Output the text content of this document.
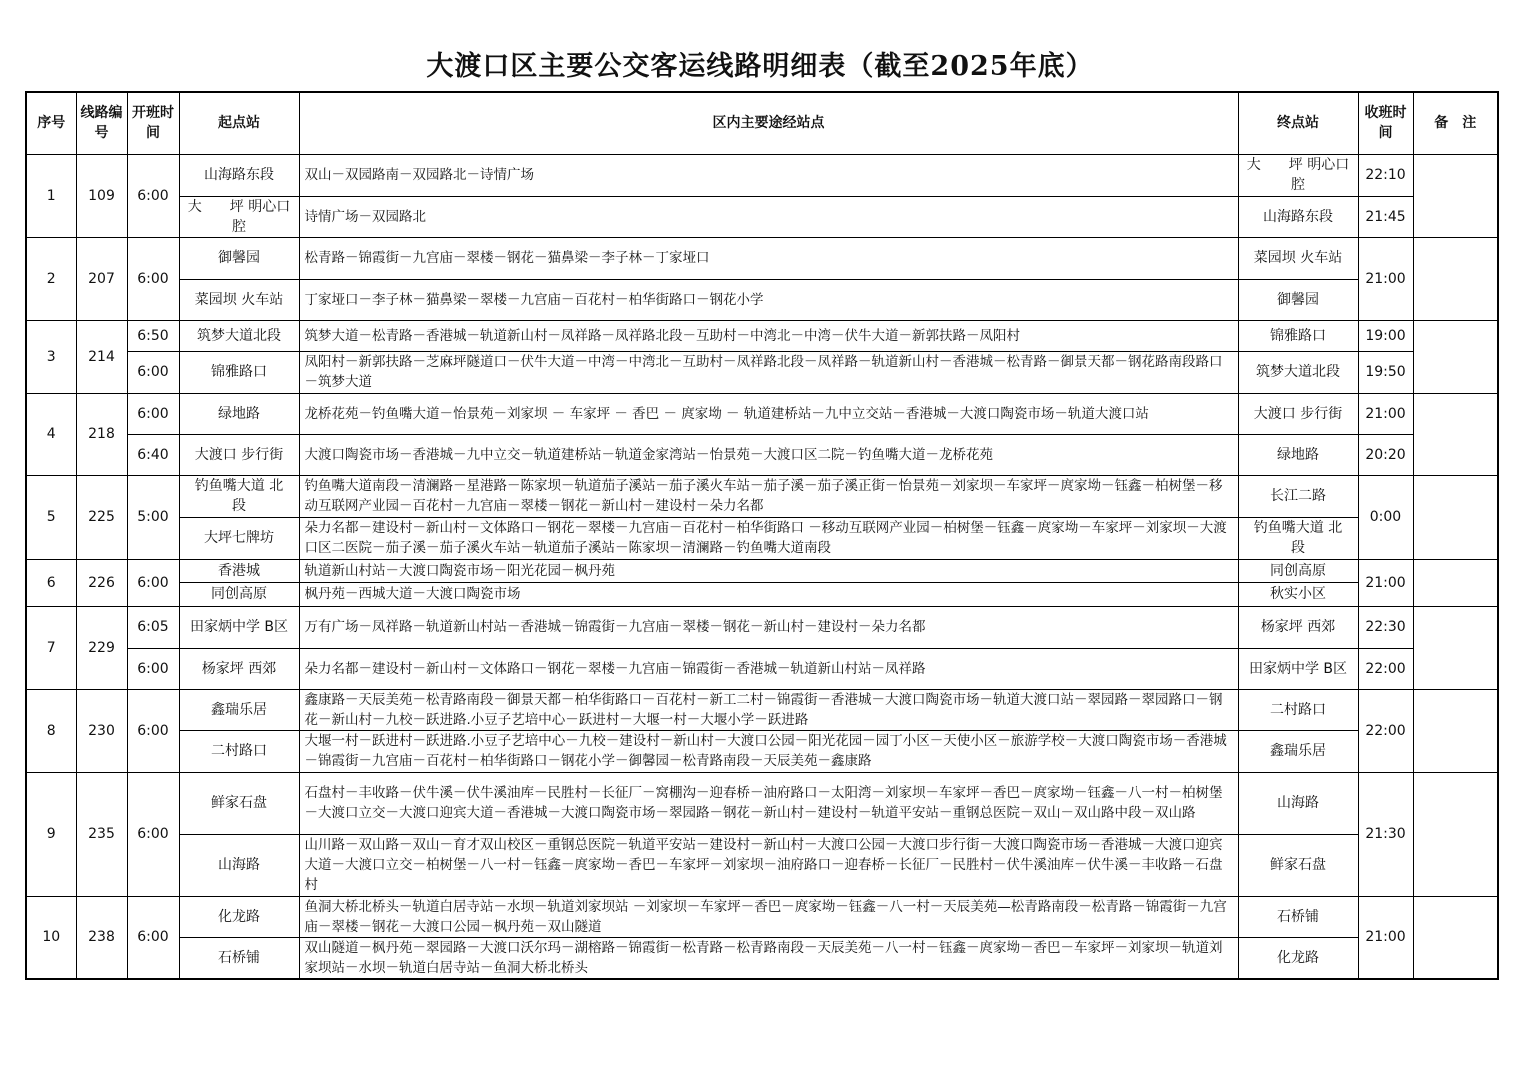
大渡口区主要公交客运线路明细表（截至2025年底）
序号	线路编号	开班时间	起点站	区内主要途经站点	终点站	收班时间	备　注
1	109	6:00	山海路东段	双山－双园路南－双园路北－诗情广场	大　　坪 明心口腔	22:10	
			大　　坪 明心口腔	诗情广场－双园路北	山海路东段	21:45	
2	207	6:00	御馨园	松青路－锦霞街－九宫庙－翠楼－钢花－猫鼻梁－李子林－丁家垭口	菜园坝 火车站	21:00	
			菜园坝 火车站	丁家垭口－李子林－猫鼻梁－翠楼－九宫庙－百花村－柏华街路口－钢花小学	御馨园		
3	214	6:50	筑梦大道北段	筑梦大道－松青路－香港城－轨道新山村－凤祥路－凤祥路北段－互助村－中湾北－中湾－伏牛大道－新郭扶路－凤阳村	锦雅路口	19:00	
		6:00	锦雅路口	凤阳村－新郭扶路－芝麻坪隧道口－伏牛大道－中湾－中湾北－互助村－凤祥路北段－凤祥路－轨道新山村－香港城－松青路－御景天都－钢花路南段路口－筑梦大道	筑梦大道北段	19:50	
4	218	6:00	绿地路	龙桥花苑－钓鱼嘴大道－怡景苑－刘家坝 － 车家坪 － 香巴 － 庹家坳 － 轨道建桥站－九中立交站－香港城－大渡口陶瓷市场－轨道大渡口站	大渡口 步行街	21:00	
		6:40	大渡口 步行街	大渡口陶瓷市场－香港城－九中立交－轨道建桥站－轨道金家湾站－怡景苑－大渡口区二院－钓鱼嘴大道－龙桥花苑	绿地路	20:20	
5	225	5:00	钓鱼嘴大道 北　　段	钓鱼嘴大道南段－清澜路－星港路－陈家坝－轨道茄子溪站－茄子溪火车站－茄子溪－茄子溪正街－怡景苑－刘家坝－车家坪－庹家坳－钰鑫－柏树堡－移动互联网产业园－百花村－九宫庙－翠楼－钢花－新山村－建设村－朵力名都	长江二路	0:00	
			大坪七牌坊	朵力名都－建设村－新山村－文体路口－钢花－翠楼－九宫庙－百花村－柏华街路口 －移动互联网产业园－柏树堡－钰鑫－庹家坳－车家坪－刘家坝－大渡口区二医院－茄子溪－茄子溪火车站－轨道茄子溪站－陈家坝－清澜路－钓鱼嘴大道南段	钓鱼嘴大道 北　　段		
6	226	6:00	香港城	轨道新山村站－大渡口陶瓷市场－阳光花园－枫丹苑	同创高原	21:00	
			同创高原	枫丹苑－西城大道－大渡口陶瓷市场	秋实小区		
7	229	6:05	田家炳中学 B区	万有广场－凤祥路－轨道新山村站－香港城－锦霞街－九宫庙－翠楼－钢花－新山村－建设村－朵力名都	杨家坪 西郊	22:30	
		6:00	杨家坪 西郊	朵力名都－建设村－新山村－文体路口－钢花－翠楼－九宫庙－锦霞街－香港城－轨道新山村站－凤祥路	田家炳中学 B区	22:00	
8	230	6:00	鑫瑞乐居	鑫康路－天辰美苑－松青路南段－御景天都－柏华街路口－百花村－新工二村－锦霞街－香港城－大渡口陶瓷市场－轨道大渡口站－翠园路－翠园路口－钢花－新山村－九校－跃进路.小豆子艺培中心－跃进村－大堰一村－大堰小学－跃进路	二村路口	22:00	
			二村路口	大堰一村－跃进村－跃进路.小豆子艺培中心－九校－建设村－新山村－大渡口公园－阳光花园－园丁小区－天使小区－旅游学校－大渡口陶瓷市场－香港城－锦霞街－九宫庙－百花村－柏华街路口－钢花小学－御馨园－松青路南段－天辰美苑－鑫康路	鑫瑞乐居		
9	235	6:00	鲜家石盘	石盘村－丰收路－伏牛溪－伏牛溪油库－民胜村－长征厂－窝棚沟－迎春桥－油府路口－太阳湾－刘家坝－车家坪－香巴－庹家坳－钰鑫－八一村－柏树堡－大渡口立交－大渡口迎宾大道－香港城－大渡口陶瓷市场－翠园路－钢花－新山村－建设村－轨道平安站－重钢总医院－双山－双山路中段－双山路	山海路	21:30	
			山海路	山川路－双山路－双山－育才双山校区－重钢总医院－轨道平安站－建设村－新山村－大渡口公园－大渡口步行街－大渡口陶瓷市场－香港城－大渡口迎宾大道－大渡口立交－柏树堡－八一村－钰鑫－庹家坳－香巴－车家坪－刘家坝－油府路口－迎春桥－长征厂－民胜村－伏牛溪油库－伏牛溪－丰收路－石盘村	鲜家石盘		
10	238	6:00	化龙路	鱼洞大桥北桥头－轨道白居寺站－水坝－轨道刘家坝站 －刘家坝－车家坪－香巴－庹家坳－钰鑫－八一村－天辰美苑—松青路南段－松青路－锦霞街－九宫庙－翠楼－钢花－大渡口公园－枫丹苑－双山隧道	石桥铺	21:00	
			石桥铺	双山隧道－枫丹苑－翠园路－大渡口沃尔玛－湖榕路－锦霞街－松青路－松青路南段－天辰美苑－八一村－钰鑫－庹家坳－香巴－车家坪－刘家坝－轨道刘家坝站－水坝－轨道白居寺站－鱼洞大桥北桥头	化龙路		
